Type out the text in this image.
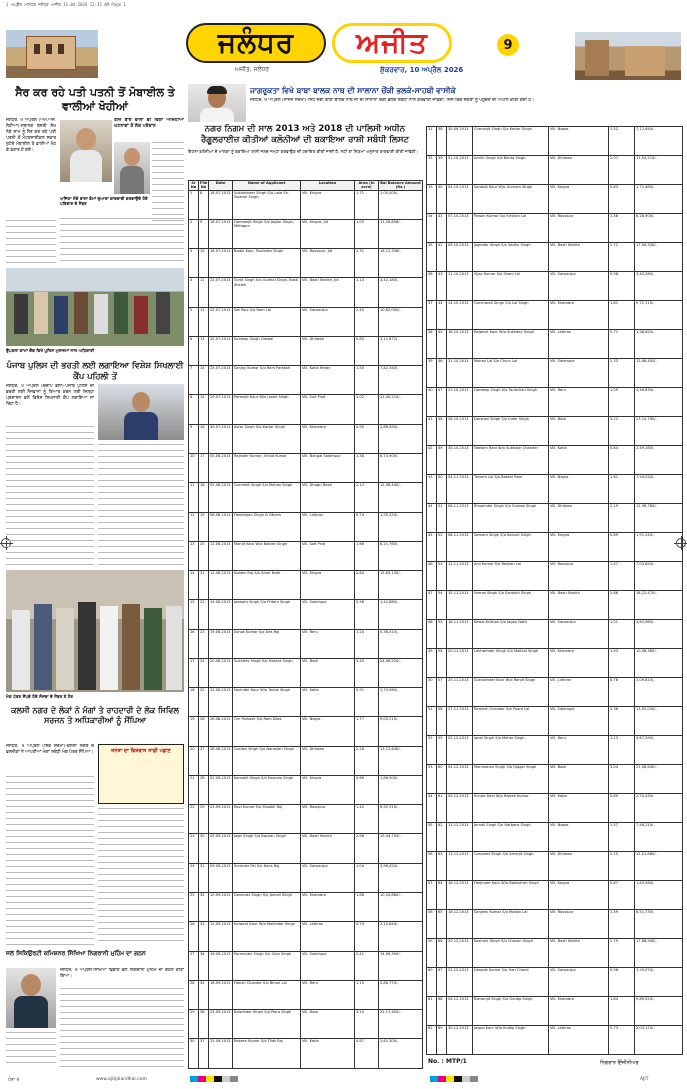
1 ਅਪ੍ਰੈਲ ਮਾਸਟਰ ਜਲੰਧਰ ਅਜੀਤ 11.04.2026 12:35 AM Page 1
ਜਲੰਧਰ	ਅਜੀਤ	9
ਅਜੀਤ, ਜਲੰਧਰ	ਸ਼ੁੱਕਰਵਾਰ, 10 ਅਪ੍ਰੈਲ 2026
ਸੈਰ ਕਰ ਰਹੇ ਪਤੀ ਪਤਨੀ ਤੋਂ ਮੋਬਾਈਲ ਤੇ ਵਾਲੀਆਂ ਖੋਹੀਆਂ
ਜਲੰਧਰ, 9 ਅਪ੍ਰੈਲ (ਐਮ.ਐਸ. ਲੋਹੀਆ)-ਸਥਾਨਕ ਬਸਤੀ ਸ਼ੇਖ ਨੇੜੇ ਸ਼ਾਮ ਨੂੰ ਸੈਰ ਕਰ ਰਹੇ ਪਤੀ ਪਤਨੀ ਤੋਂ ਮੋਟਰਸਾਈਕਲ ਸਵਾਰ ਲੁਟੇਰੇ ਮੋਬਾਈਲ ਤੇ ਵਾਲੀਆਂ ਖੋਹ ਕੇ ਫਰਾਰ ਹੋ ਗਏ।
ਤੀਜੇ ਬਾਰ ਵਾਲਾ ਵੀ ਵਿਸ਼ਾ ਅਜਿਹੀਆਂ ਘਟਨਾਵਾਂ ਤੋਂ ਲੋਕ ਪਰੇਸ਼ਾਨ
ਅਜਿਹਾ ਮੌਕੇ ਵਾਲਾ ਕੰਮਾਂ ਦੁਆਰਾ ਕਾਰਵਾਈ ਕਰਵਾਉਂਦੇ ਹੋਏ ਪਰਿਵਾਰ ਦੇ ਮੈਂਬਰ
ਉਪਰਲਾ ਕਾਮਾਂ ਚੌਕ ਵਿਖੇ ਪੁਲਿਸ ਮੁਲਾਜ਼ਮਾਂ ਨਾਲ ਅਧਿਕਾਰੀ
ਪੰਜਾਬ ਪੁਲਿਸ ਦੀ ਭਰਤੀ ਲਈ ਲਗਾਇਆ ਵਿਸ਼ੇਸ਼ ਸਿਖਲਾਈ ਕੈਂਪ ਪਹਿਲੀ ਤੋਂ
ਜਲੰਧਰ, 9 ਅਪ੍ਰੈਲ (ਚੰਦੀਪ ਭੱਲਾ)-ਪੰਜਾਬ ਪੁਲਿਸ ਦੀ ਭਰਤੀ ਲਈ ਨੌਜਵਾਨਾਂ ਨੂੰ ਤਿਆਰ ਕਰਨ ਲਈ ਜ਼ਿਲ੍ਹਾ ਪ੍ਰਸ਼ਾਸਨ ਵਲੋਂ ਵਿਸ਼ੇਸ਼ ਸਿਖਲਾਈ ਕੈਂਪ ਲਗਾਇਆ ਜਾ ਰਿਹਾ ਹੈ।
ਮੰਗ ਪੱਤਰ ਸੌਂਪਦੇ ਹੋਏ ਸੰਸਥਾ ਦੇ ਮੈਂਬਰ ਤੇ ਹੋਰ
ਕਲਸੀ ਨਗਰ ਦੇ ਲੋਕਾਂ ਨੇ ਮੰਗਾਂ ਤੇ ਰਾਹਦਾਰੀ ਦੇ ਲੋਕ ਸਿਵਿਲ ਸਰਜਨ ਤੇ ਅਧਿਕਾਰੀਆਂ ਨੂੰ ਸੌਂਪਿਆ
ਜਲੰਧਰ, 9 ਅਪ੍ਰੈਲ (ਸ਼ਿਵ ਸ਼ਰਮਾ)-ਕਲਸੀ ਨਗਰ ਦੇ ਵਸਨੀਕਾਂ ਨੇ ਆਪਣੀਆਂ ਮੰਗਾਂ ਸਬੰਧੀ ਮੰਗ ਪੱਤਰ ਸੌਂਪਿਆ।	ਜਨਤਾ ਦਾ ਵਿਸ਼ਵਾਸ ਸਾਡੀ ਪਛਾਣ
ਜਲ ਸਿਕਿਉਰਟੀ ਕਮਿਸ਼ਨਰ ਸਿੱਖਿਆ ਨਿਗਰਾਨੀ ਮੁਹਿੰਮ ਦਾ ਗਠਨ
ਜਲੰਧਰ, 9 ਅਪ੍ਰੈਲ-ਸਿੱਖਿਆ ਵਿਭਾਗ ਵਲੋਂ ਨਿਗਰਾਨੀ ਮੁਹਿੰਮ ਦਾ ਗਠਨ ਕੀਤਾ ਗਿਆ।
ਜਾਗਰੂਕਤਾ ਵਿਖੇ ਬਾਬਾ ਬਾਲਕ ਨਾਥ ਦੀ ਸਾਲਾਨਾ ਚੌਂਕੀ ਭਲਕੇ-ਸਾਹਬੀ ਵਾਸੀਕੇ
ਜਲੰਧਰ, 9 ਅਪ੍ਰੈਲ (ਸਾਜਨ ਸ਼ਰਮਾ)-ਸਿੱਧ ਜੋਗੀ ਬਾਬਾ ਬਾਲਕ ਨਾਥ ਜੀ ਦੀ ਸਾਲਾਨਾ ਚੌਂਕੀ ਭਲਕੇ ਸ਼ਰਧਾ ਨਾਲ ਕਰਵਾਈ ਜਾਵੇਗੀ, ਜਿਸ ਵਿਚ ਸੰਗਤਾਂ ਨੂੰ ਪਹੁੰਚਣ ਦੀ ਅਪੀਲ ਕੀਤੀ ਗਈ ਹੈ।
ਨਗਰ ਨਿਗਮ ਦੀ ਸਾਲ 2013 ਅਤੇ 2018 ਦੀ ਪਾਲਿਸੀ ਅਧੀਨ ਰੈਗੂਲਰਾਈਜ਼ ਕੀਤੀਆਂ ਕਲੋਨੀਆਂ ਦੀ ਬਕਾਇਆ ਰਾਸ਼ੀ ਸਬੰਧੀ ਲਿਸਟ
ਇਹਨਾਂ ਕਲੋਨੀਆਂ ਦੇ ਮਾਲਕਾਂ ਨੂੰ ਬਕਾਇਆ ਰਾਸ਼ੀ ਜਲਦ ਜਮ੍ਹਾਂ ਕਰਵਾਉਣ ਦੀ ਹਦਾਇਤ ਕੀਤੀ ਜਾਂਦੀ ਹੈ, ਨਹੀਂ ਤਾਂ ਨਿਯਮਾਂ ਅਨੁਸਾਰ ਕਾਰਵਾਈ ਕੀਤੀ ਜਾਵੇਗੀ।
Sr No	File No	Date	Name of Applicant	Location	Area (in acre)	Bal Balance Amount (Rs.)
1	8	18.07.2013	Sukhwinder Singh S/o Late Sh. Swaran Singh	Vill. Kingra	1.71	1,00,000/-
2	9	18.07.2013	Harmanjit Singh S/o Jagtar Singh, Mithapur	Vill. Kingra, Jld	1.05	11,26,858/-
3	10	18.07.2013	Balbir Kaur, Ravinder Singh	Vill. Rasulpur, Jld	2.31	18,12,336/-
4	11	22.07.2013	Surjit Singh S/o Gurdial Singh, Basti Sheikh	Vill. Basti Sheikh, Jld	1.10	4,42,180/-
5	12	22.07.2013	Sat Paul S/o Ram Lal	Vill. Sansarpur	2.45	10,82,000/-
6	13	25.07.2013	Kuldeep Singh Grewal	Vill. Dhilwan	0.82	3,11,672/-
7	14	25.07.2013	Sanjay Kumar S/o Ram Parkash	Vill. Kotla Heran	1.50	7,82,340/-
8	15	29.07.2013	Paramjit Kaur W/o Jasbir Singh	Vill. Sufi Pind	3.02	21,40,210/-
9	16	30.07.2013	Avtar Singh S/o Kartar Singh	Vill. Khambra	0.95	2,86,490/-
10	17	05.08.2013	Rajinder Kumar, Vinod Kumar	Vill. Nangal Salempur	1.38	6,74,905/-
11	18	05.08.2013	Gurmeet Singh S/o Mohan Singh	Vill. Dhogri Road	2.12	12,08,440/-
12	19	08.08.2013	Harbhajan Singh & Others	Vill. Lidhran	0.74	1,95,320/-
13	20	12.08.2013	Manjit Kaur W/o Baldev Singh	Vill. Sofi Pind	1.66	8,21,760/-
14	21	12.08.2013	Baldev Raj S/o Amar Nath	Vill. Kingra	2.84	15,63,100/-
15	22	14.08.2013	Jaswant Singh S/o Pritam Singh	Vill. Salempur	0.58	1,42,880/-
16	23	19.08.2013	Ashok Kumar S/o Des Raj	Vill. Reru	1.20	5,36,410/-
17	24	20.08.2013	Sukhdev Singh S/o Hazara Singh	Vill. Boot	3.45	24,08,920/-
18	25	22.08.2013	Narinder Kaur W/o Tarlok Singh	Vill. Kotla	0.91	2,74,560/-
19	26	26.08.2013	Om Parkash S/o Ram Dass	Vill. Nagra	1.77	9,05,215/-
20	27	28.08.2013	Gurdev Singh S/o Naranjan Singh	Vill. Dhilwan	2.26	13,12,640/-
21	28	02.09.2013	Kamaljit Singh S/o Harnam Singh	Vill. Kingra	0.66	1,88,900/-
22	29	03.09.2013	Ravi Kumar S/o Mulakh Raj	Vill. Rasulpur	1.42	6,92,310/-
23	30	05.09.2013	Jagir Singh S/o Bachan Singh	Vill. Basti Sheikh	2.98	19,44,705/-
24	31	09.09.2013	Surinder Pal S/o Hans Raj	Vill. Sansarpur	1.04	3,96,420/-
25	32	10.09.2013	Davinder Singh S/o Jarnail Singh	Vill. Khambra	1.88	10,24,880/-
26	33	12.09.2013	Kulwant Kaur W/o Mohinder Singh	Vill. Lidhran	0.79	2,15,640/-
27	34	16.09.2013	Parminder Singh S/o Gian Singh	Vill. Salempur	2.41	14,06,390/-
28	35	18.09.2013	Harish Chander S/o Bihari Lal	Vill. Reru	1.15	4,88,770/-
29	36	23.09.2013	Balwinder Singh S/o Piara Singh	Vill. Boot	3.10	22,17,450/-
30	37	25.09.2013	Rakesh Kumar S/o Tilak Raj	Vill. Kotla	0.87	2,61,300/-
31	38	30.09.2013	Charanjit Singh S/o Kartar Singh	Vill. Nagra	1.52	7,12,640/-
32	39	01.10.2013	Amrik Singh S/o Banta Singh	Vill. Dhilwan	2.07	11,54,210/-
33	40	04.10.2013	Sarabjit Kaur W/o Gurnam Singh	Vill. Kingra	0.63	1,72,480/-
34	41	07.10.2013	Pawan Kumar S/o Krishan Lal	Vill. Rasulpur	1.36	6,28,900/-
35	42	09.10.2013	Joginder Singh S/o Sadhu Singh	Vill. Basti Sheikh	2.72	17,06,330/-
36	43	11.10.2013	Vijay Kumar S/o Sham Lal	Vill. Sansarpur	0.98	3,40,260/-
37	44	14.10.2013	Gurcharan Singh S/o Lal Singh	Vill. Khambra	1.81	9,72,115/-
38	45	16.10.2013	Rajwant Kaur W/o Sukhdev Singh	Vill. Lidhran	0.71	1,98,620/-
39	46	21.10.2013	Mohan Lal S/o Chuni Lal	Vill. Salempur	2.33	13,48,400/-
40	47	23.10.2013	Hardeep Singh S/o Tarlochan Singh	Vill. Reru	1.09	4,46,830/-
41	48	28.10.2013	Darshan Singh S/o Inder Singh	Vill. Boot	3.22	23,10,790/-
42	49	30.10.2013	Neelam Rani W/o Subhash Chander	Vill. Kotla	0.84	2,49,160/-
43	50	04.11.2013	Tarsem Lal S/o Bakshi Ram	Vill. Nagra	1.61	7,94,520/-
44	51	06.11.2013	Bhupinder Singh S/o Gurbax Singh	Vill. Dhilwan	2.19	12,36,780/-
45	52	08.11.2013	Satnam Singh S/o Karnail Singh	Vill. Kingra	0.69	1,91,240/-
46	53	12.11.2013	Anil Kumar S/o Roshan Lal	Vill. Rasulpur	1.47	7,03,650/-
47	54	15.11.2013	Nirmal Singh S/o Santokh Singh	Vill. Basti Sheikh	2.86	18,22,470/-
48	55	18.11.2013	Kewal Krishan S/o Jagan Nath	Vill. Sansarpur	1.01	3,62,980/-
49	56	20.11.2013	Lakhwinder Singh S/o Malkiat Singh	Vill. Khambra	1.93	10,48,360/-
50	57	25.11.2013	Sukhwinder Kaur W/o Ranjit Singh	Vill. Lidhran	0.76	2,09,810/-
51	58	27.11.2013	Ramesh Chander S/o Pyare Lal	Vill. Salempur	2.38	13,92,050/-
52	59	02.12.2013	Iqbal Singh S/o Mehar Singh	Vill. Reru	1.13	4,67,290/-
53	60	04.12.2013	Manmohan Singh S/o Ujagar Singh	Vill. Boot	3.04	21,58,640/-
54	61	09.12.2013	Sunita Devi W/o Rajesh Kumar	Vill. Kotla	0.89	2,70,430/-
55	62	11.12.2013	Jarnail Singh S/o Harbans Singh	Vill. Nagra	1.57	7,46,210/-
56	63	13.12.2013	Gurpreet Singh S/o Amarjit Singh	Vill. Dhilwan	2.15	12,01,880/-
57	64	16.12.2013	Harjinder Kaur W/o Bakhshish Singh	Vill. Kingra	0.67	1,83,560/-
58	65	18.12.2013	Sanjeev Kumar S/o Madan Lal	Vill. Rasulpur	1.39	6,51,730/-
59	66	20.12.2013	Kashmir Singh S/o Chanan Singh	Vill. Basti Sheikh	2.79	17,68,940/-
60	67	23.12.2013	Deepak Kumar S/o Hari Chand	Vill. Sansarpur	0.96	3,29,070/-
61	68	26.12.2013	Bikramjit Singh S/o Gurdip Singh	Vill. Khambra	1.84	9,89,420/-
62	69	30.12.2013	Jaspal Kaur W/o Kuldip Singh	Vill. Lidhran	0.73	2,03,170/-
No. : MTP/1	ਨਿਗਰਾਨ ਇੰਜੀਨੀਅਰ
ਪੰਨਾ 9	www.ajitjalandhar.com	AJIT
